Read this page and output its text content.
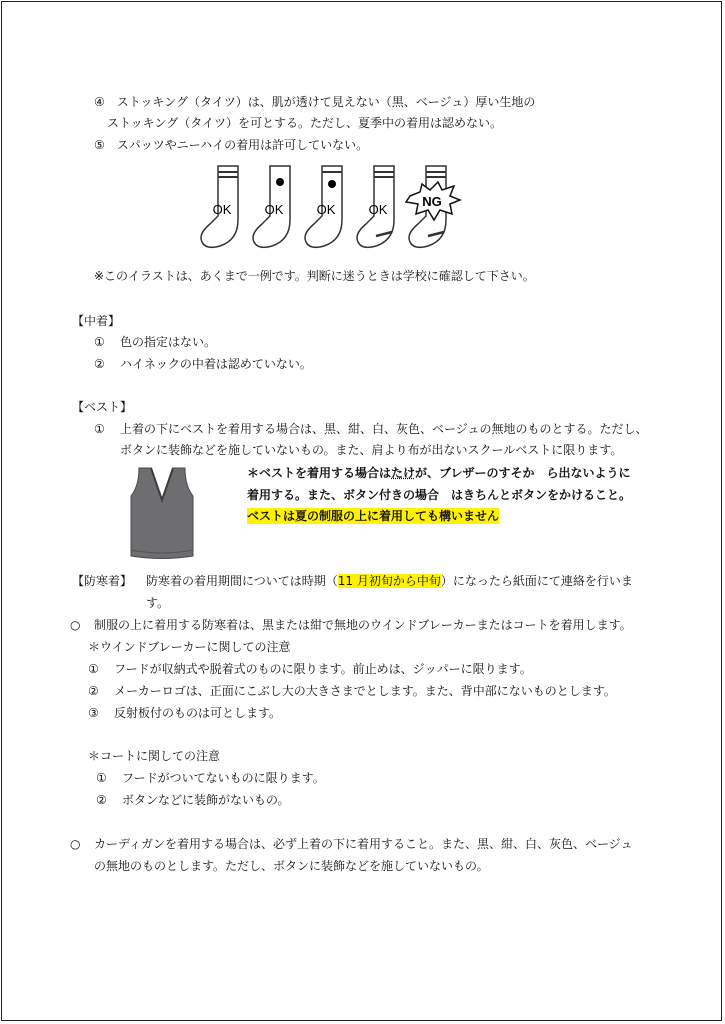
④　ストッキング（タイツ）は、肌が透けて見えない（黒、ベージュ）厚い生地の
ストッキング（タイツ）を可とする。ただし、夏季中の着用は認めない。
⑤　スパッツやニーハイの着用は許可していない。
OK	OK	OK	OK
NG
※このイラストは、あくまで一例です。判断に迷うときは学校に確認して下さい。
【中着】
① 色の指定はない。
② ハイネックの中着は認めていない。
【ベスト】
① 上着の下にベストを着用する場合は、黒、紺、白、灰色、ベージュの無地のものとする。ただし、
ボタンに装飾などを施していないもの。また、肩より布が出ないスクールベストに限ります。
＊ベストを着用する場合はたけが、ブレザーのすそか　ら出ないように
着用する。また、ボタン付きの場合　はきちんとボタンをかけること。
ベストは夏の制服の上に着用しても構いません
【防寒着】 防寒着の着用期間については時期（11 月初旬から中旬）になったら紙面にて連絡を行いま
す。
○ 制服の上に着用する防寒着は、黒または紺で無地のウインドブレーカーまたはコートを着用します。
＊ウインドブレーカーに関しての注意
① フードが収納式や脱着式のものに限ります。前止めは、ジッパーに限ります。
② メーカーロゴは、正面にこぶし大の大きさまでとします。また、背中部にないものとします。
③ 反射板付のものは可とします。
＊コートに関しての注意
① フードがついてないものに限ります。
② ボタンなどに装飾がないもの。
○ カーディガンを着用する場合は、必ず上着の下に着用すること。また、黒、紺、白、灰色、ベージュ
の無地のものとします。ただし、ボタンに装飾などを施していないもの。
